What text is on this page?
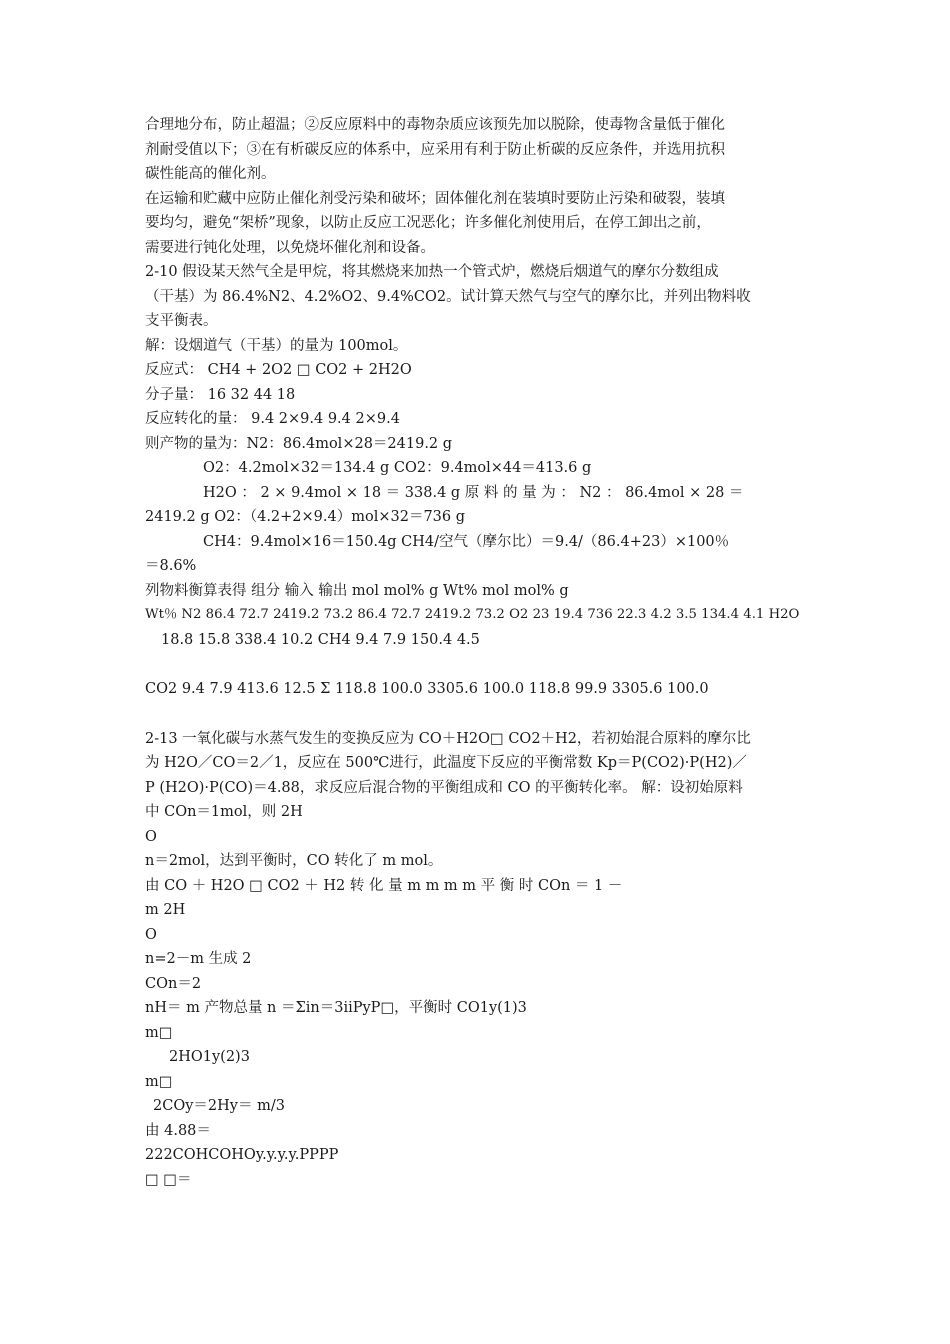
合理地分布，防止超温；②反应原料中的毒物杂质应该预先加以脱除，使毒物含量低于催化
剂耐受值以下；③在有析碳反应的体系中，应采用有利于防止析碳的反应条件，并选用抗积
碳性能高的催化剂。
在运输和贮藏中应防止催化剂受污染和破坏；固体催化剂在装填时要防止污染和破裂，装填
要均匀，避免“架桥”现象，以防止反应工况恶化；许多催化剂使用后，在停工卸出之前，
需要进行钝化处理，以免烧坏催化剂和设备。
2-10 假设某天然气全是甲烷，将其燃烧来加热一个管式炉，燃烧后烟道气的摩尔分数组成
（干基）为 86.4%N2、4.2%O2、9.4%CO2。试计算天然气与空气的摩尔比，并列出物料收
支平衡表。
解：设烟道气（干基）的量为 100mol。
反应式： CH4 + 2O2 □ CO2 + 2H2O
分子量： 16 32 44 18
反应转化的量： 9.4 2×9.4 9.4 2×9.4
则产物的量为：N2：86.4mol×28＝2419.2 g
O2：4.2mol×32＝134.4 g CO2：9.4mol×44＝413.6 g
H2O ： 2 × 9.4mol × 18 ＝ 338.4 g 原 料 的 量 为 ： N2 ： 86.4mol × 28 ＝
2419.2 g O2：（4.2+2×9.4）mol×32＝736 g
CH4：9.4mol×16＝150.4g CH4/空气（摩尔比）＝9.4/（86.4+23）×100％
＝8.6%
列物料衡算表得 组分 输入 输出 mol mol% g Wt% mol mol% g
Wt％ N2 86.4 72.7 2419.2 73.2 86.4 72.7 2419.2 73.2 O2 23 19.4 736 22.3 4.2 3.5 134.4 4.1 H2O
18.8 15.8 338.4 10.2 CH4 9.4 7.9 150.4 4.5
CO2 9.4 7.9 413.6 12.5 Σ 118.8 100.0 3305.6 100.0 118.8 99.9 3305.6 100.0
2-13 一氧化碳与水蒸气发生的变换反应为 CO＋H2O□ CO2＋H2，若初始混合原料的摩尔比
为 H2O／CO＝2／1，反应在 500℃进行，此温度下反应的平衡常数 Kp＝P(CO2)·P(H2)／
P (H2O)·P(CO)＝4.88，求反应后混合物的平衡组成和 CO 的平衡转化率。 解：设初始原料
中 COn＝1mol，则 2H
O
n＝2mol，达到平衡时，CO 转化了 m mol。
由 CO ＋ H2O □ CO2 ＋ H2 转 化 量 m m m m 平 衡 时 COn ＝ 1 －
m 2H
O
n=2－m 生成 2
COn＝2
nH＝ m 产物总量 n ＝Σin＝3iiPyP□，平衡时 CO1y(1)3
m□
2HO1y(2)3
m□
2COy＝2Hy＝ m/3
由 4.88＝
222COHCOHOy.y.y.y.PPPP
□ □＝
